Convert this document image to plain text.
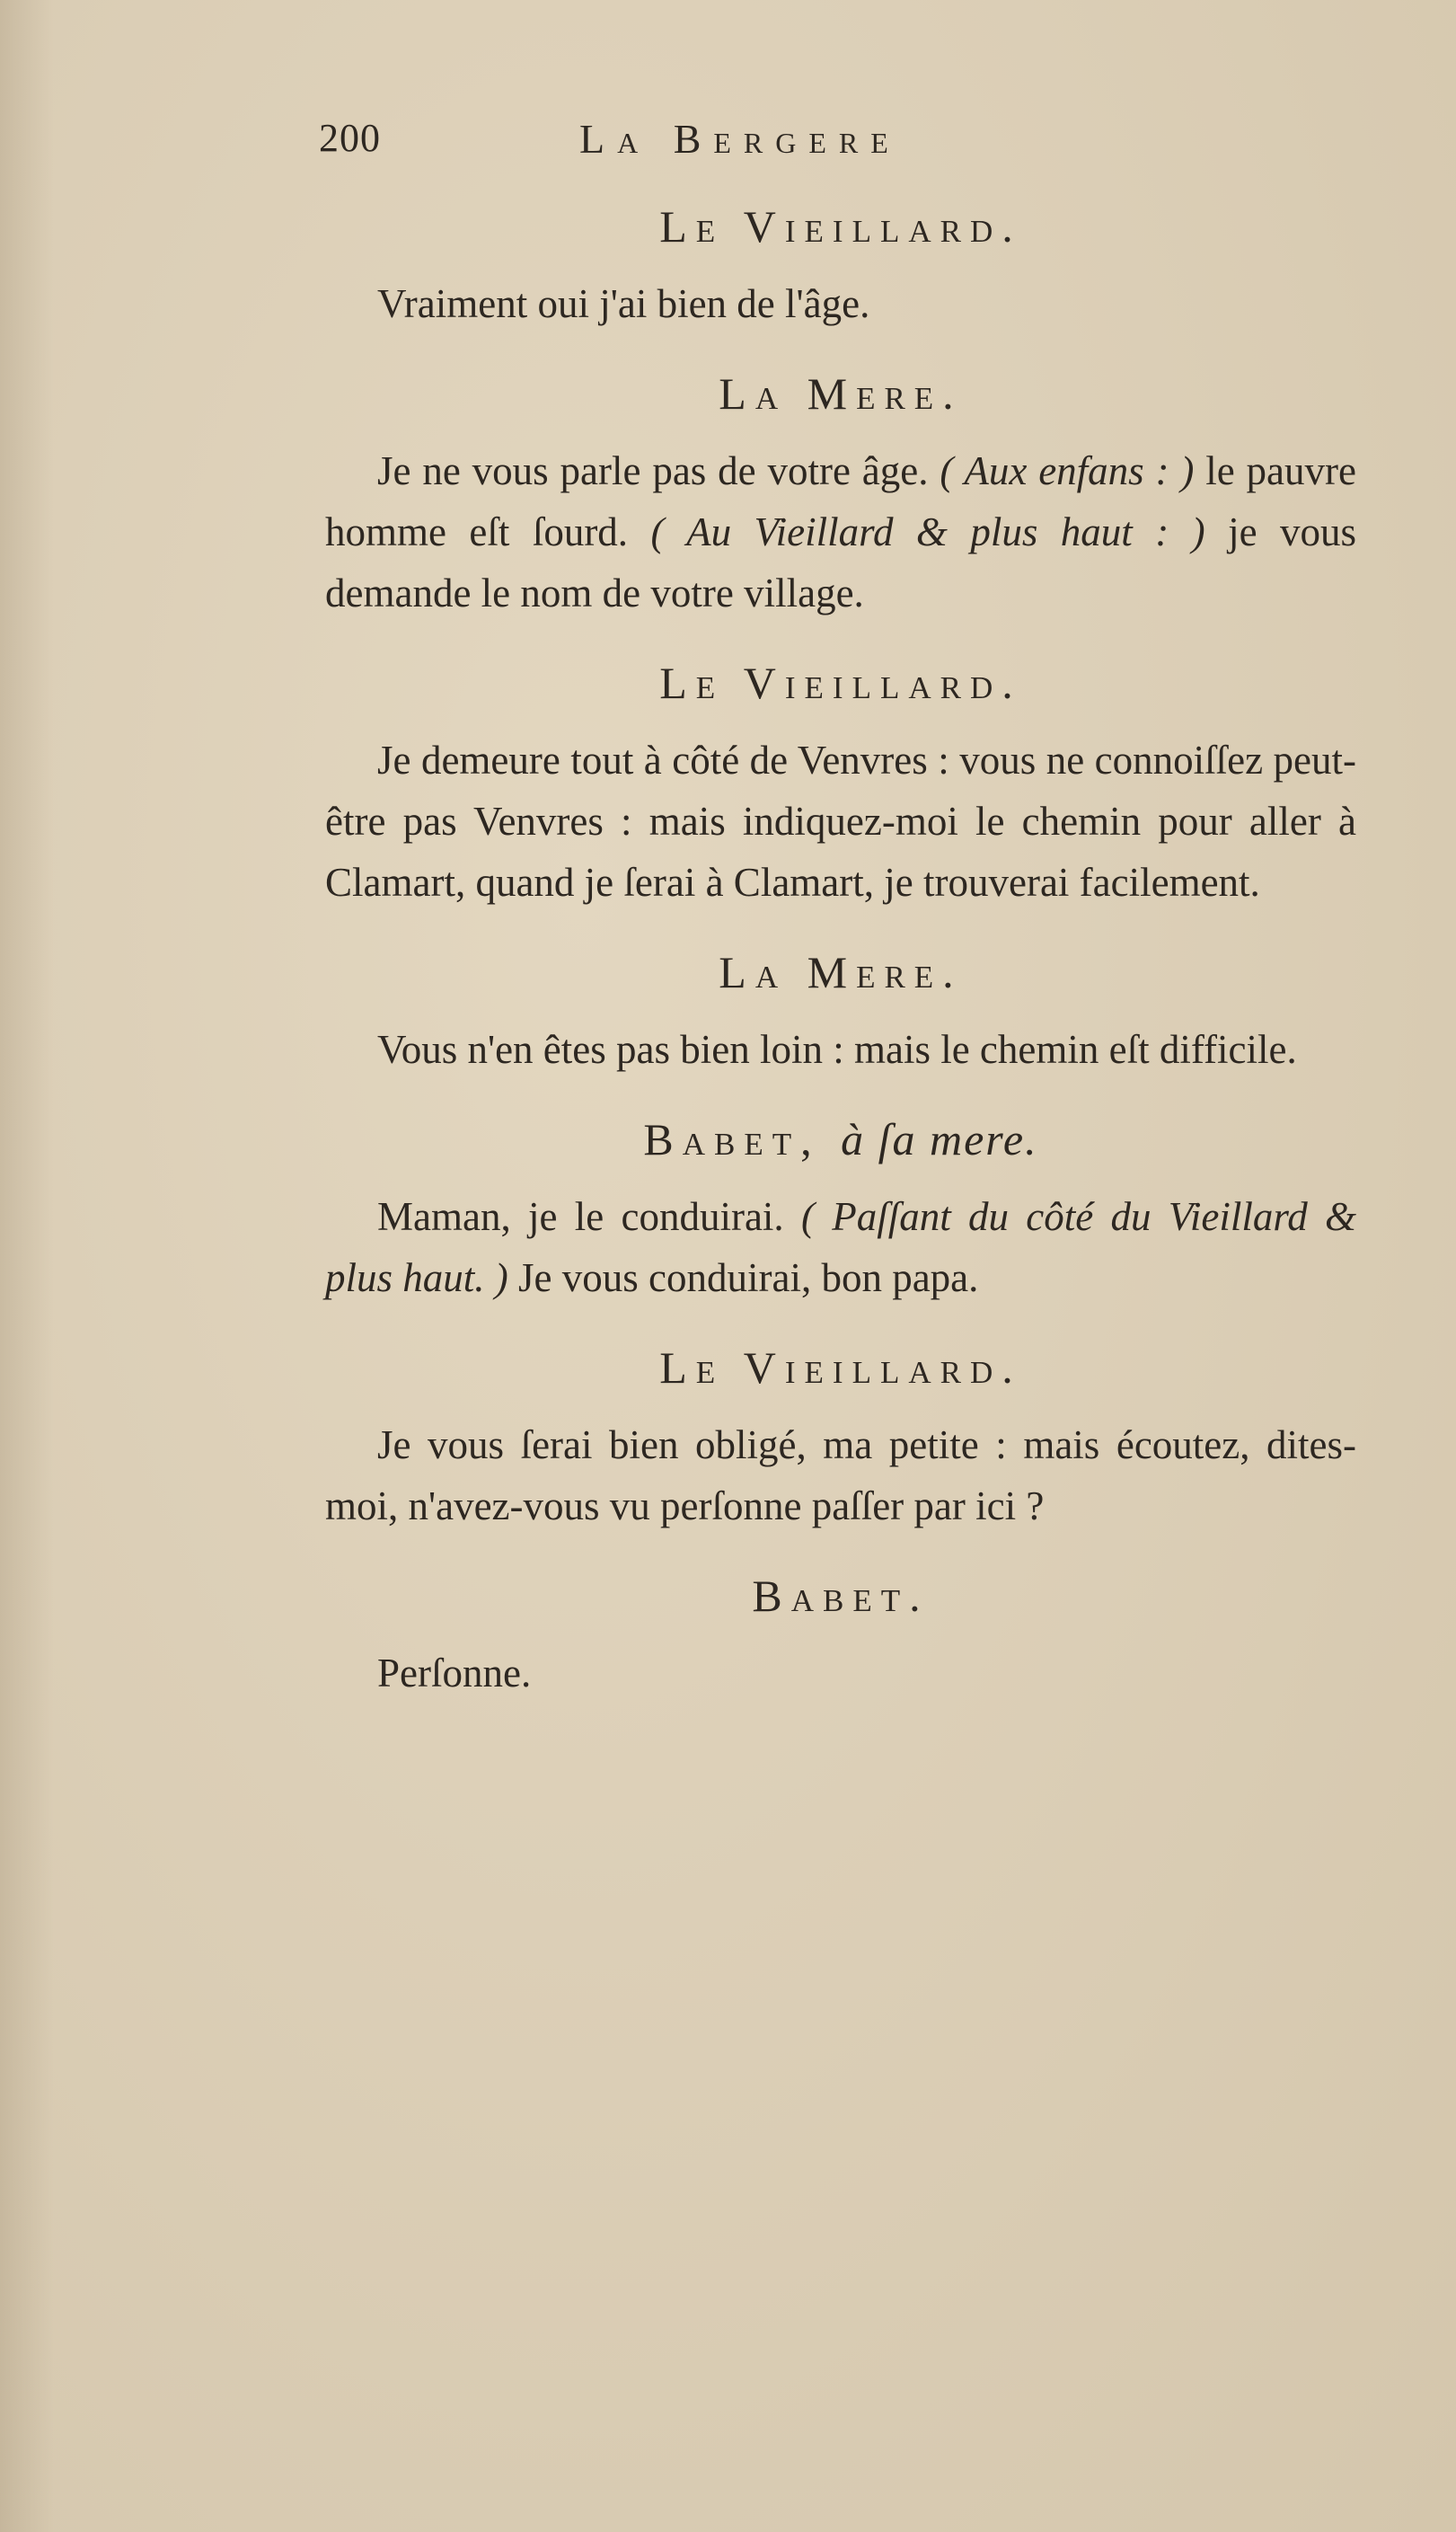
200	La Bergere

Le Vieillard.

Vraiment oui j'ai bien de l'âge.

La Mere.

Je ne vous parle pas de votre âge. ( Aux enfans : ) le pauvre homme eſt ſourd. ( Au Vieillard & plus haut : ) je vous demande le nom de votre village.

Le Vieillard.

Je demeure tout à côté de Venvres : vous ne connoiſſez peut-être pas Venvres : mais indiquez-moi le chemin pour aller à Clamart, quand je ſerai à Clamart, je trouverai facilement.

La Mere.

Vous n'en êtes pas bien loin : mais le chemin eſt difficile.

Babet, à ſa mere.

Maman, je le conduirai. ( Paſſant du côté du Vieillard & plus haut. ) Je vous conduirai, bon papa.

Le Vieillard.

Je vous ſerai bien obligé, ma petite : mais écoutez, dites-moi, n'avez-vous vu perſonne paſſer par ici ?

Babet.

Perſonne.
